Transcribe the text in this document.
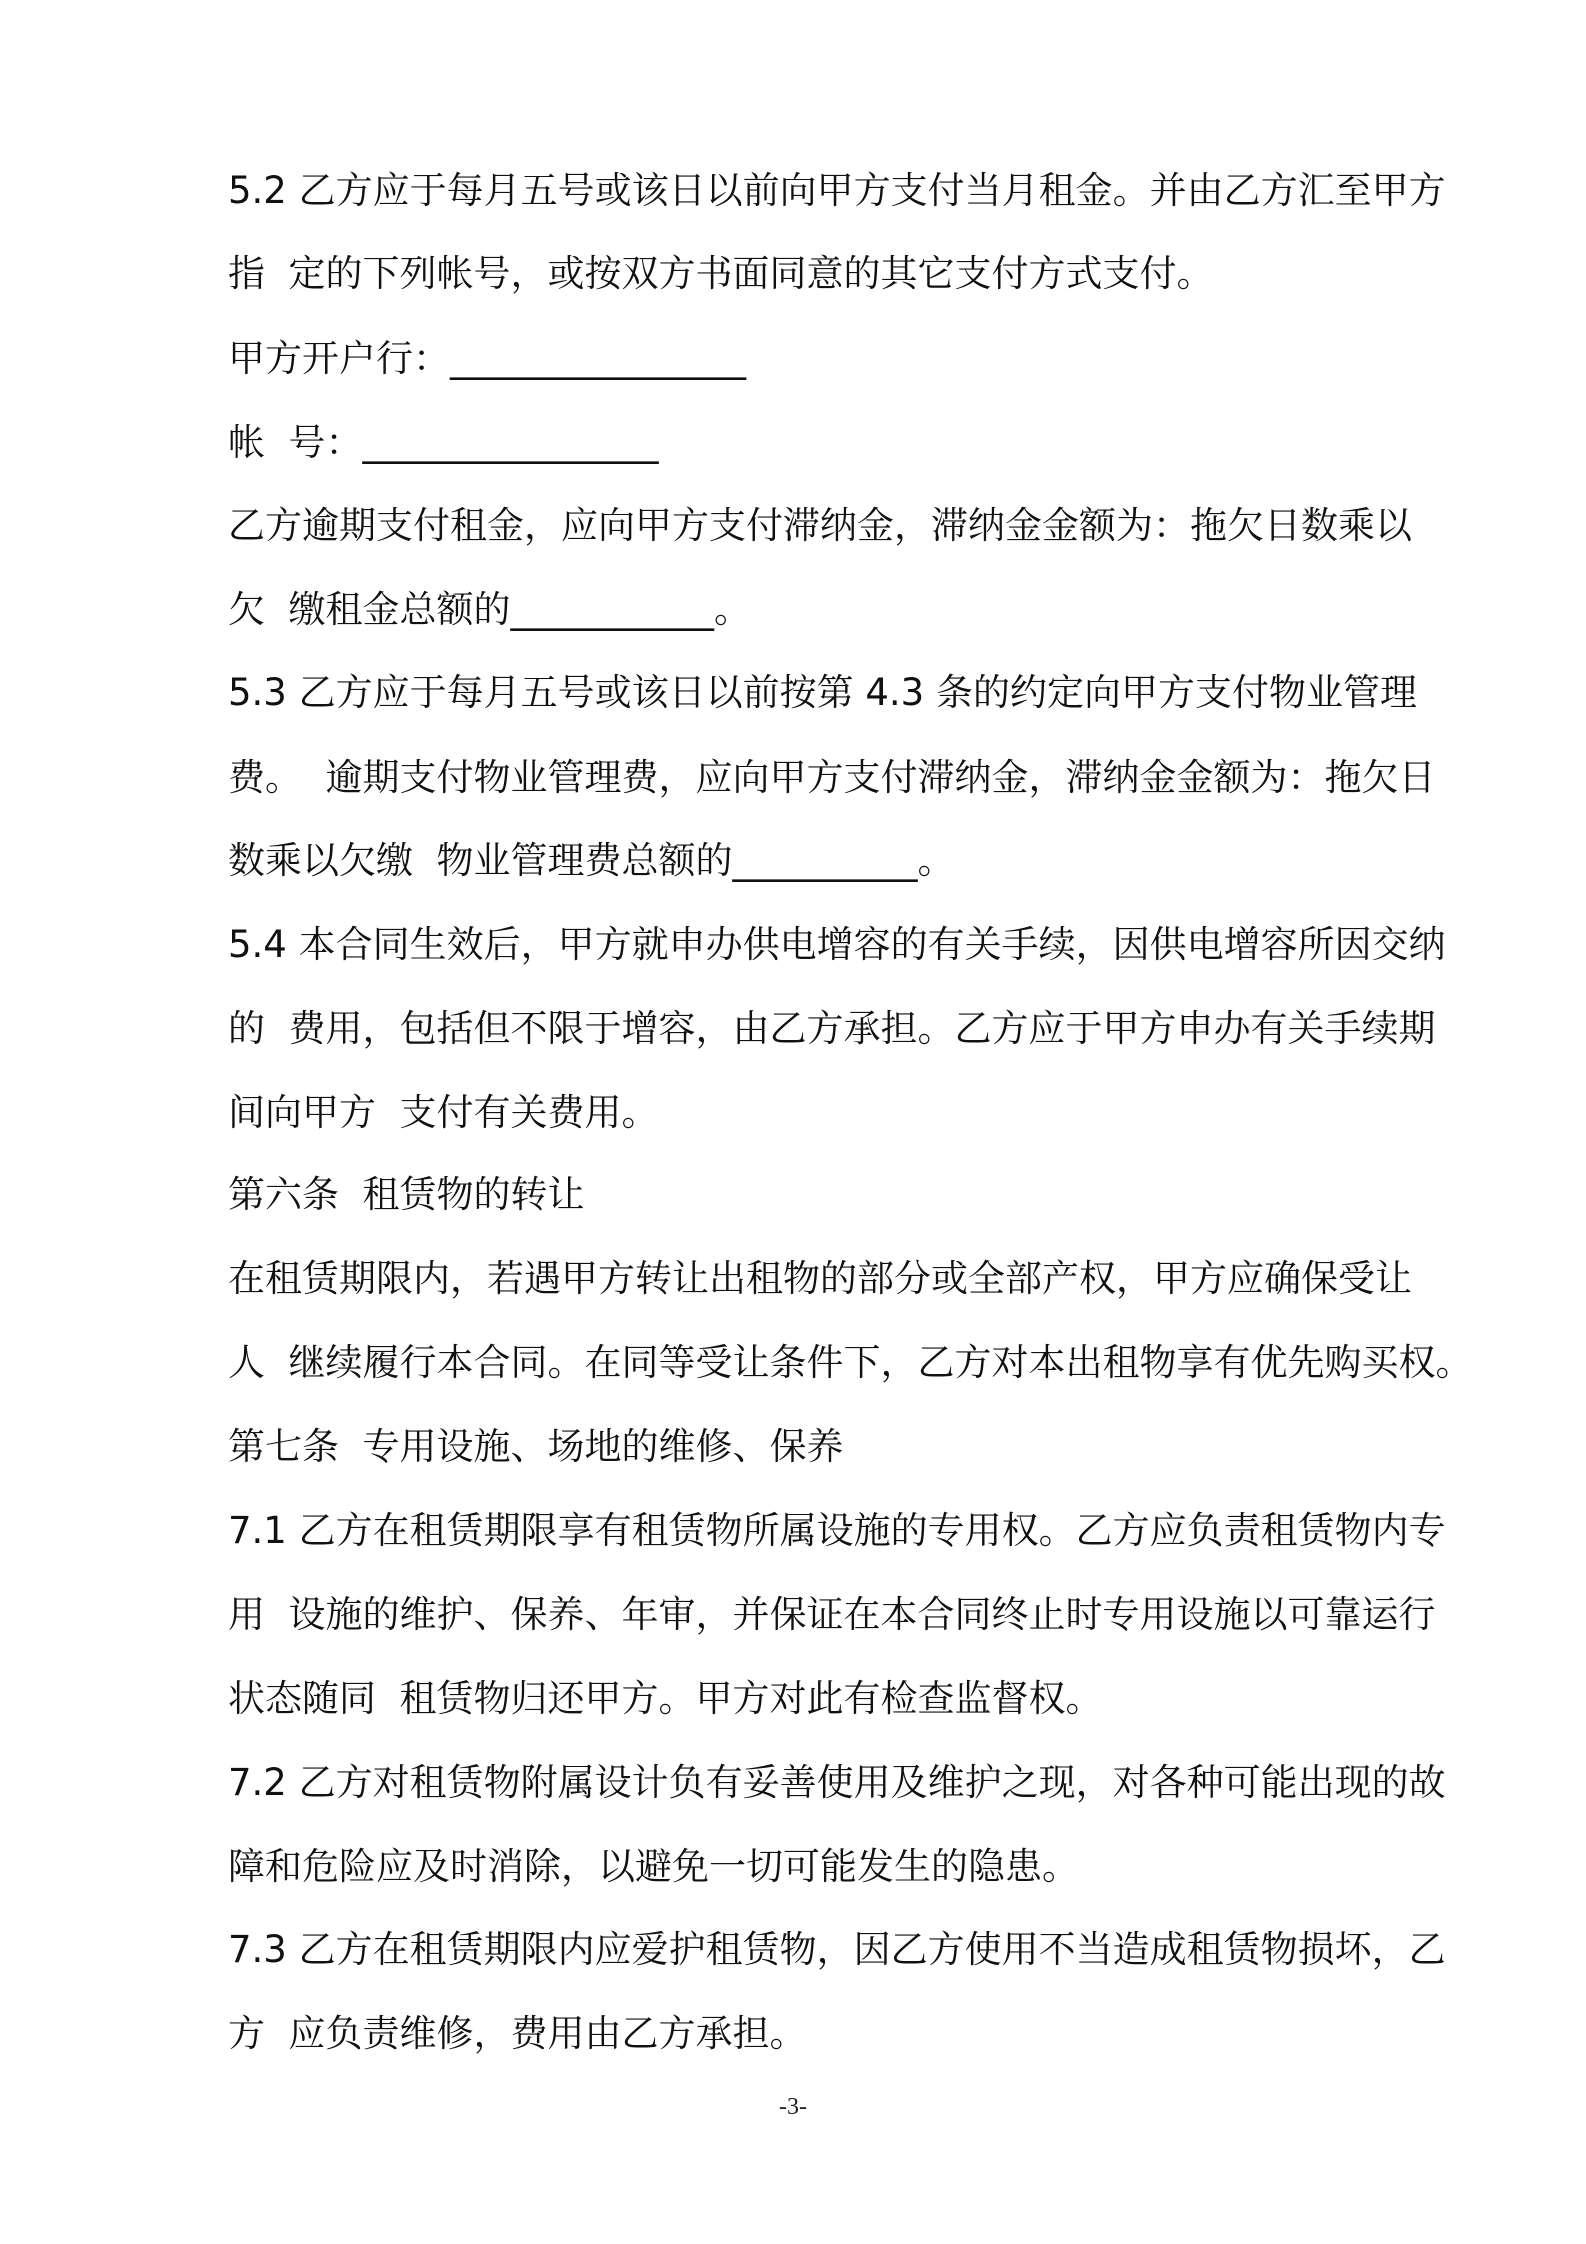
5.2 乙方应于每月五号或该日以前向甲方支付当月租金。并由乙方汇至甲方
指  定的下列帐号，或按双方书面同意的其它支付方式支付。
甲方开户行：________________
帐  号：________________
乙方逾期支付租金，应向甲方支付滞纳金，滞纳金金额为：拖欠日数乘以
欠  缴租金总额的___________。
5.3 乙方应于每月五号或该日以前按第 4.3 条的约定向甲方支付物业管理
费。  逾期支付物业管理费，应向甲方支付滞纳金，滞纳金金额为：拖欠日
数乘以欠缴  物业管理费总额的__________。
5.4 本合同生效后，甲方就申办供电增容的有关手续，因供电增容所因交纳
的  费用，包括但不限于增容，由乙方承担。乙方应于甲方申办有关手续期
间向甲方  支付有关费用。
第六条  租赁物的转让
在租赁期限内，若遇甲方转让出租物的部分或全部产权，甲方应确保受让
人  继续履行本合同。在同等受让条件下，乙方对本出租物享有优先购买权。
第七条  专用设施、场地的维修、保养
7.1 乙方在租赁期限享有租赁物所属设施的专用权。乙方应负责租赁物内专
用  设施的维护、保养、年审，并保证在本合同终止时专用设施以可靠运行
状态随同  租赁物归还甲方。甲方对此有检查监督权。
7.2 乙方对租赁物附属设计负有妥善使用及维护之现，对各种可能出现的故
障和危险应及时消除，以避免一切可能发生的隐患。
7.3 乙方在租赁期限内应爱护租赁物，因乙方使用不当造成租赁物损坏，乙
方  应负责维修，费用由乙方承担。
-3-
